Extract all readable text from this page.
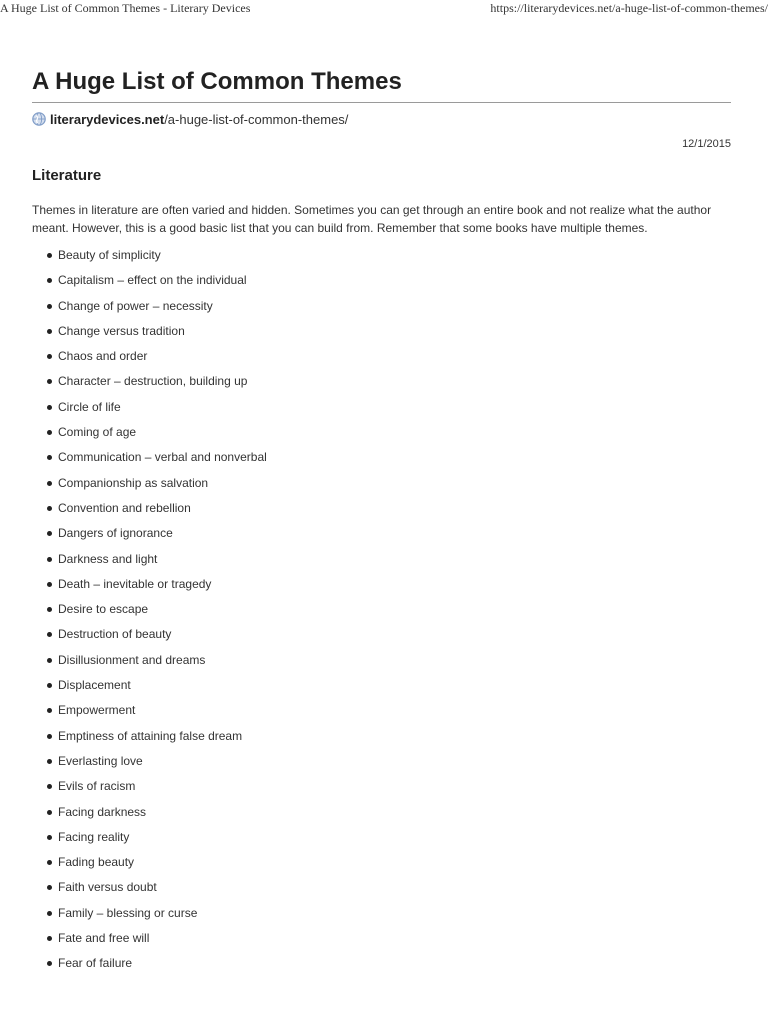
A Huge List of Common Themes - Literary Devices	https://literarydevices.net/a-huge-list-of-common-themes/
A Huge List of Common Themes
literarydevices.net /a-huge-list-of-common-themes/
12/1/2015
Literature

Themes in literature are often varied and hidden. Sometimes you can get through an entire book and not realize what the author meant. However, this is a good basic list that you can build from. Remember that some books have multiple themes.

Beauty of simplicity
Capitalism – effect on the individual
Change of power – necessity
Change versus tradition
Chaos and order
Character – destruction, building up
Circle of life
Coming of age
Communication – verbal and nonverbal
Companionship as salvation
Convention and rebellion
Dangers of ignorance
Darkness and light
Death – inevitable or tragedy
Desire to escape
Destruction of beauty
Disillusionment and dreams
Displacement
Empowerment
Emptiness of attaining false dream
Everlasting love
Evils of racism
Facing darkness
Facing reality
Fading beauty
Faith versus doubt
Family – blessing or curse
Fate and free will
Fear of failure
